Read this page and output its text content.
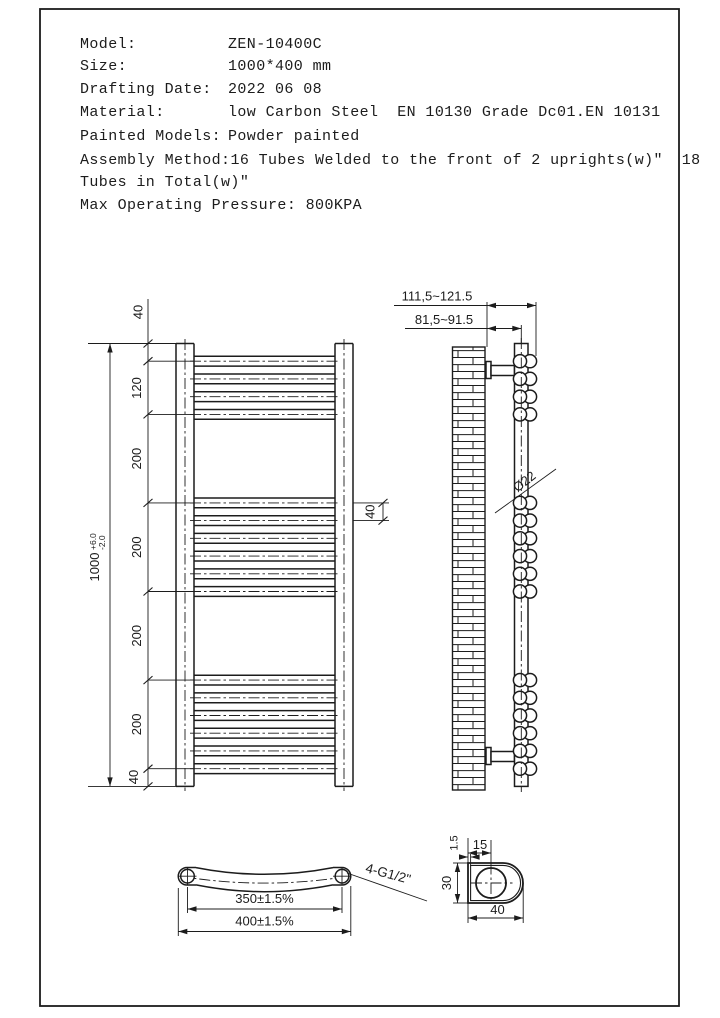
Model:	ZEN-10400C
Size:	1000*400 mm
Drafting Date: 2022 06 08
Material:	low Carbon Steel  EN 10130 Grade Dc01.EN 10131
Painted Models: Powder painted
Assembly Method:16 Tubes Welded to the front of 2 uprights(w)″  18
Tubes in Total(w)″
Max Operating Pressure: 800KPA
1000
+6.0 -2.0
40
120
200
200
200
200
40
40
111,5~121.5
81,5~91.5
Ø22
350±1.5%
400±1.5%
4-G1/2"
15
1.5
30
40
